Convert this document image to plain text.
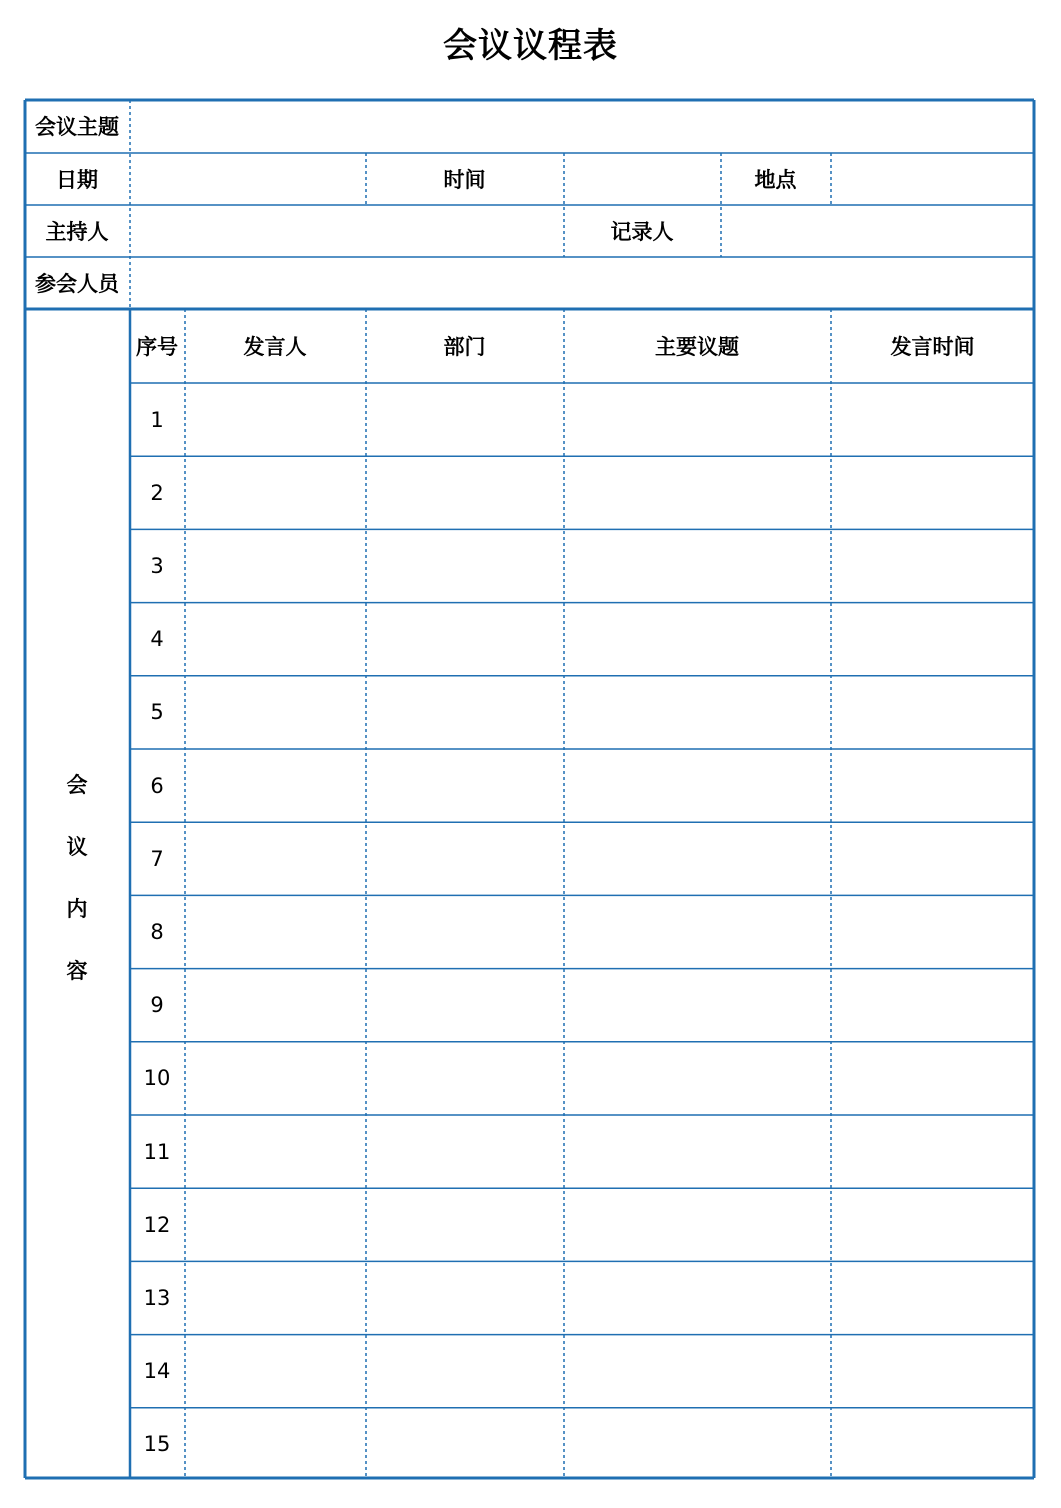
会议议程表
会议主题
日期	时间	地点
主持人	记录人
参会人员
会
议
内
容
序号	发言人	部门	主要议题	发言时间
1
2
3
4
5
6
7
8
9
10
11
12
13
14
15
